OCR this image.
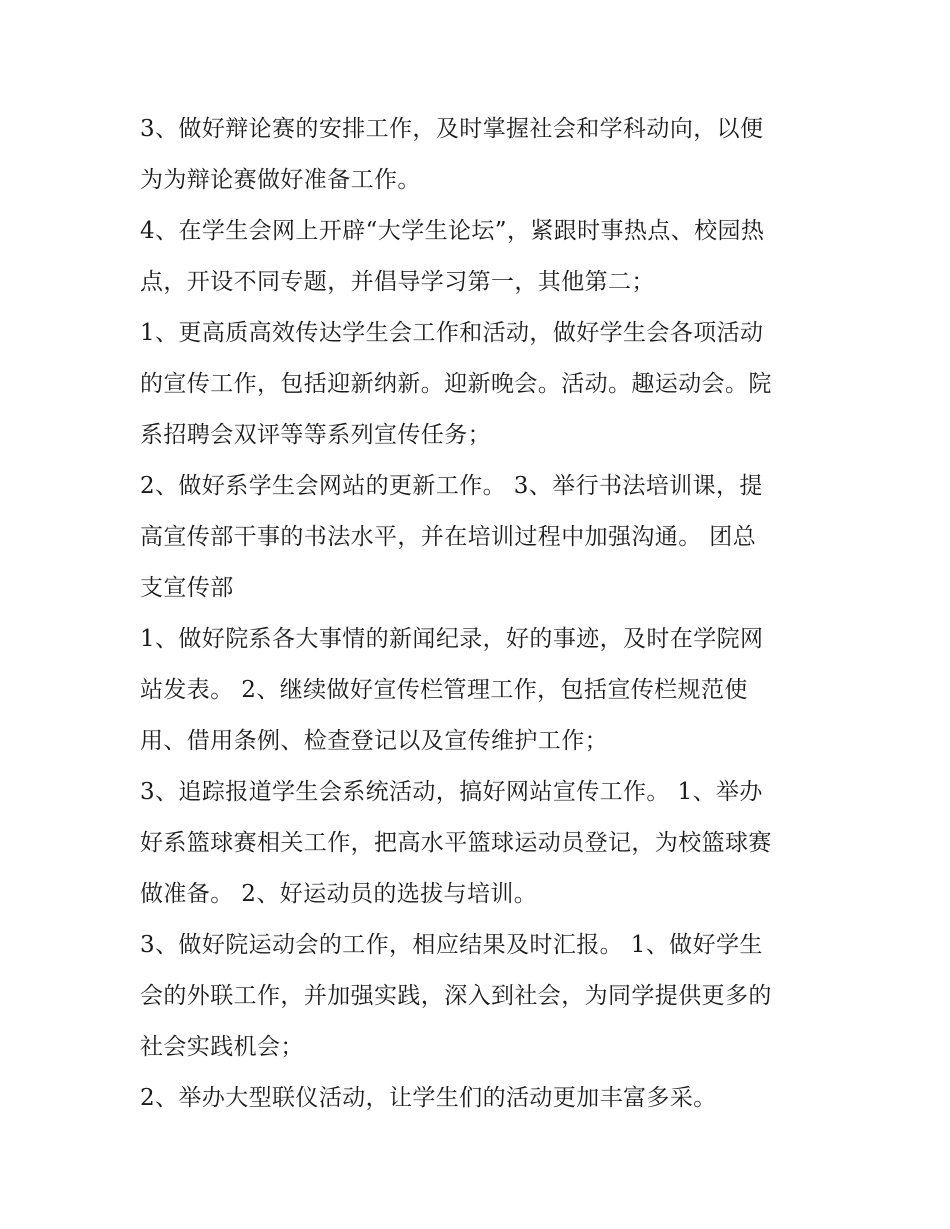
3、做好辩论赛的安排工作，及时掌握社会和学科动向，以便
为为辩论赛做好准备工作。
4、在学生会网上开辟“大学生论坛”，紧跟时事热点、校园热
点，开设不同专题，并倡导学习第一，其他第二；
1、更高质高效传达学生会工作和活动，做好学生会各项活动
的宣传工作，包括迎新纳新。迎新晚会。活动。趣运动会。院
系招聘会双评等等系列宣传任务；
2、做好系学生会网站的更新工作。 3、举行书法培训课，提
高宣传部干事的书法水平，并在培训过程中加强沟通。 团总
支宣传部
1、做好院系各大事情的新闻纪录，好的事迹，及时在学院网
站发表。 2、继续做好宣传栏管理工作，包括宣传栏规范使
用、借用条例、检查登记以及宣传维护工作；
3、追踪报道学生会系统活动，搞好网站宣传工作。 1、举办
好系篮球赛相关工作，把高水平篮球运动员登记，为校篮球赛
做准备。 2、好运动员的选拔与培训。
3、做好院运动会的工作，相应结果及时汇报。 1、做好学生
会的外联工作，并加强实践，深入到社会，为同学提供更多的
社会实践机会；
2、举办大型联仪活动，让学生们的活动更加丰富多采。
